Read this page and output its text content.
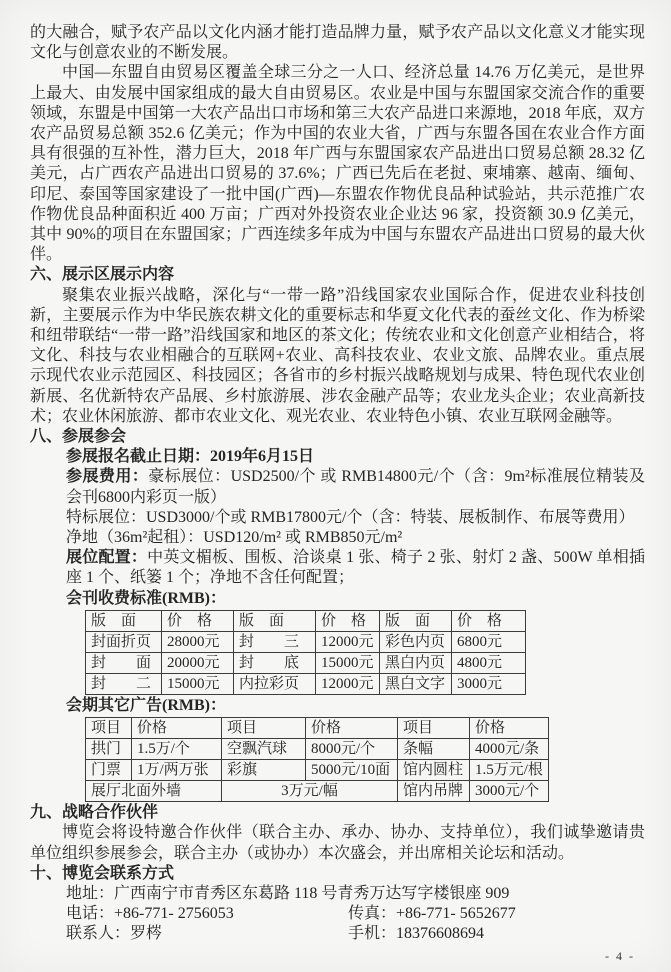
的大融合，赋予农产品以文化内涵才能打造品牌力量，赋予农产品以文化意义才能实现文化与创意农业的不断发展。

中国—东盟自由贸易区覆盖全球三分之一人口、经济总量 14.76 万亿美元，是世界上最大、由发展中国家组成的最大自由贸易区。农业是中国与东盟国家交流合作的重要领域，东盟是中国第一大农产品出口市场和第三大农产品进口来源地，2018 年底，双方农产品贸易总额 352.6 亿美元；作为中国的农业大省，广西与东盟各国在农业合作方面具有很强的互补性，潜力巨大，2018 年广西与东盟国家农产品进出口贸易总额 28.32 亿美元，占广西农产品进出口贸易的 37.6%；广西已先后在老挝、柬埔寨、越南、缅甸、印尼、泰国等国家建设了一批中国(广西)—东盟农作物优良品种试验站，共示范推广农作物优良品种面积近 400 万亩；广西对外投资农业企业达 96 家，投资额 30.9 亿美元，其中 90%的项目在东盟国家；广西连续多年成为中国与东盟农产品进出口贸易的最大伙伴。

六、展示区展示内容

聚集农业振兴战略，深化与“一带一路”沿线国家农业国际合作，促进农业科技创新，主要展示作为中华民族农耕文化的重要标志和华夏文化代表的蚕丝文化、作为桥梁和纽带联结“一带一路”沿线国家和地区的茶文化；传统农业和文化创意产业相结合，将文化、科技与农业相融合的互联网+农业、高科技农业、农业文旅、品牌农业。重点展示现代农业示范园区、科技园区；各省市的乡村振兴战略规划与成果、特色现代农业创新展、名优新特农产品展、乡村旅游展、涉农金融产品等；农业龙头企业；农业高新技术；农业休闲旅游、都市农业文化、观光农业、农业特色小镇、农业互联网金融等。

八、参展参会

参展报名截止日期：2019年6月15日

参展费用：豪标展位：USD2500/个 或 RMB14800元/个（含：9m²标准展位精装及会刊6800内彩页一版）

特标展位：USD3000/个或 RMB17800元/个（含：特装、展板制作、布展等费用）

净地（36m²起租）：USD120/m² 或 RMB850元/m²

展位配置：中英文楣板、围板、洽谈桌 1 张、椅子 2 张、射灯 2 盏、500W 单相插座 1 个、纸篓 1 个；净地不含任何配置；

会刊收费标准(RMB)：

版　面	价　格	版　面	价　格	版　面	价　格
封面折页	28000元	封　　三	12000元	彩色内页	6800元
封　　面	20000元	封　　底	15000元	黑白内页	4800元
封　　二	15000元	内拉彩页	12000元	黑白文字	3000元

会期其它广告(RMB)：

项目	价格	项目	价格	项目	价格
拱门	1.5万/个	空飘汽球	8000元/个	条幅	4000元/条
门票	1万/两万张	彩旗	5000元/10面	馆内圆柱	1.5万元/根
展厅北面外墙		3万元/幅		馆内吊牌	3000元/个

九、战略合作伙伴

博览会将设特邀合作伙伴（联合主办、承办、协办、支持单位），我们诚挚邀请贵单位组织参展参会，联合主办（或协办）本次盛会，并出席相关论坛和活动。

十、博览会联系方式

地址：广西南宁市青秀区东葛路 118 号青秀万达写字楼银座 909

电话：+86-771- 2756053	传真：+86-771- 5652677
联系人：罗梣	手机：18376608694
- 4 -
